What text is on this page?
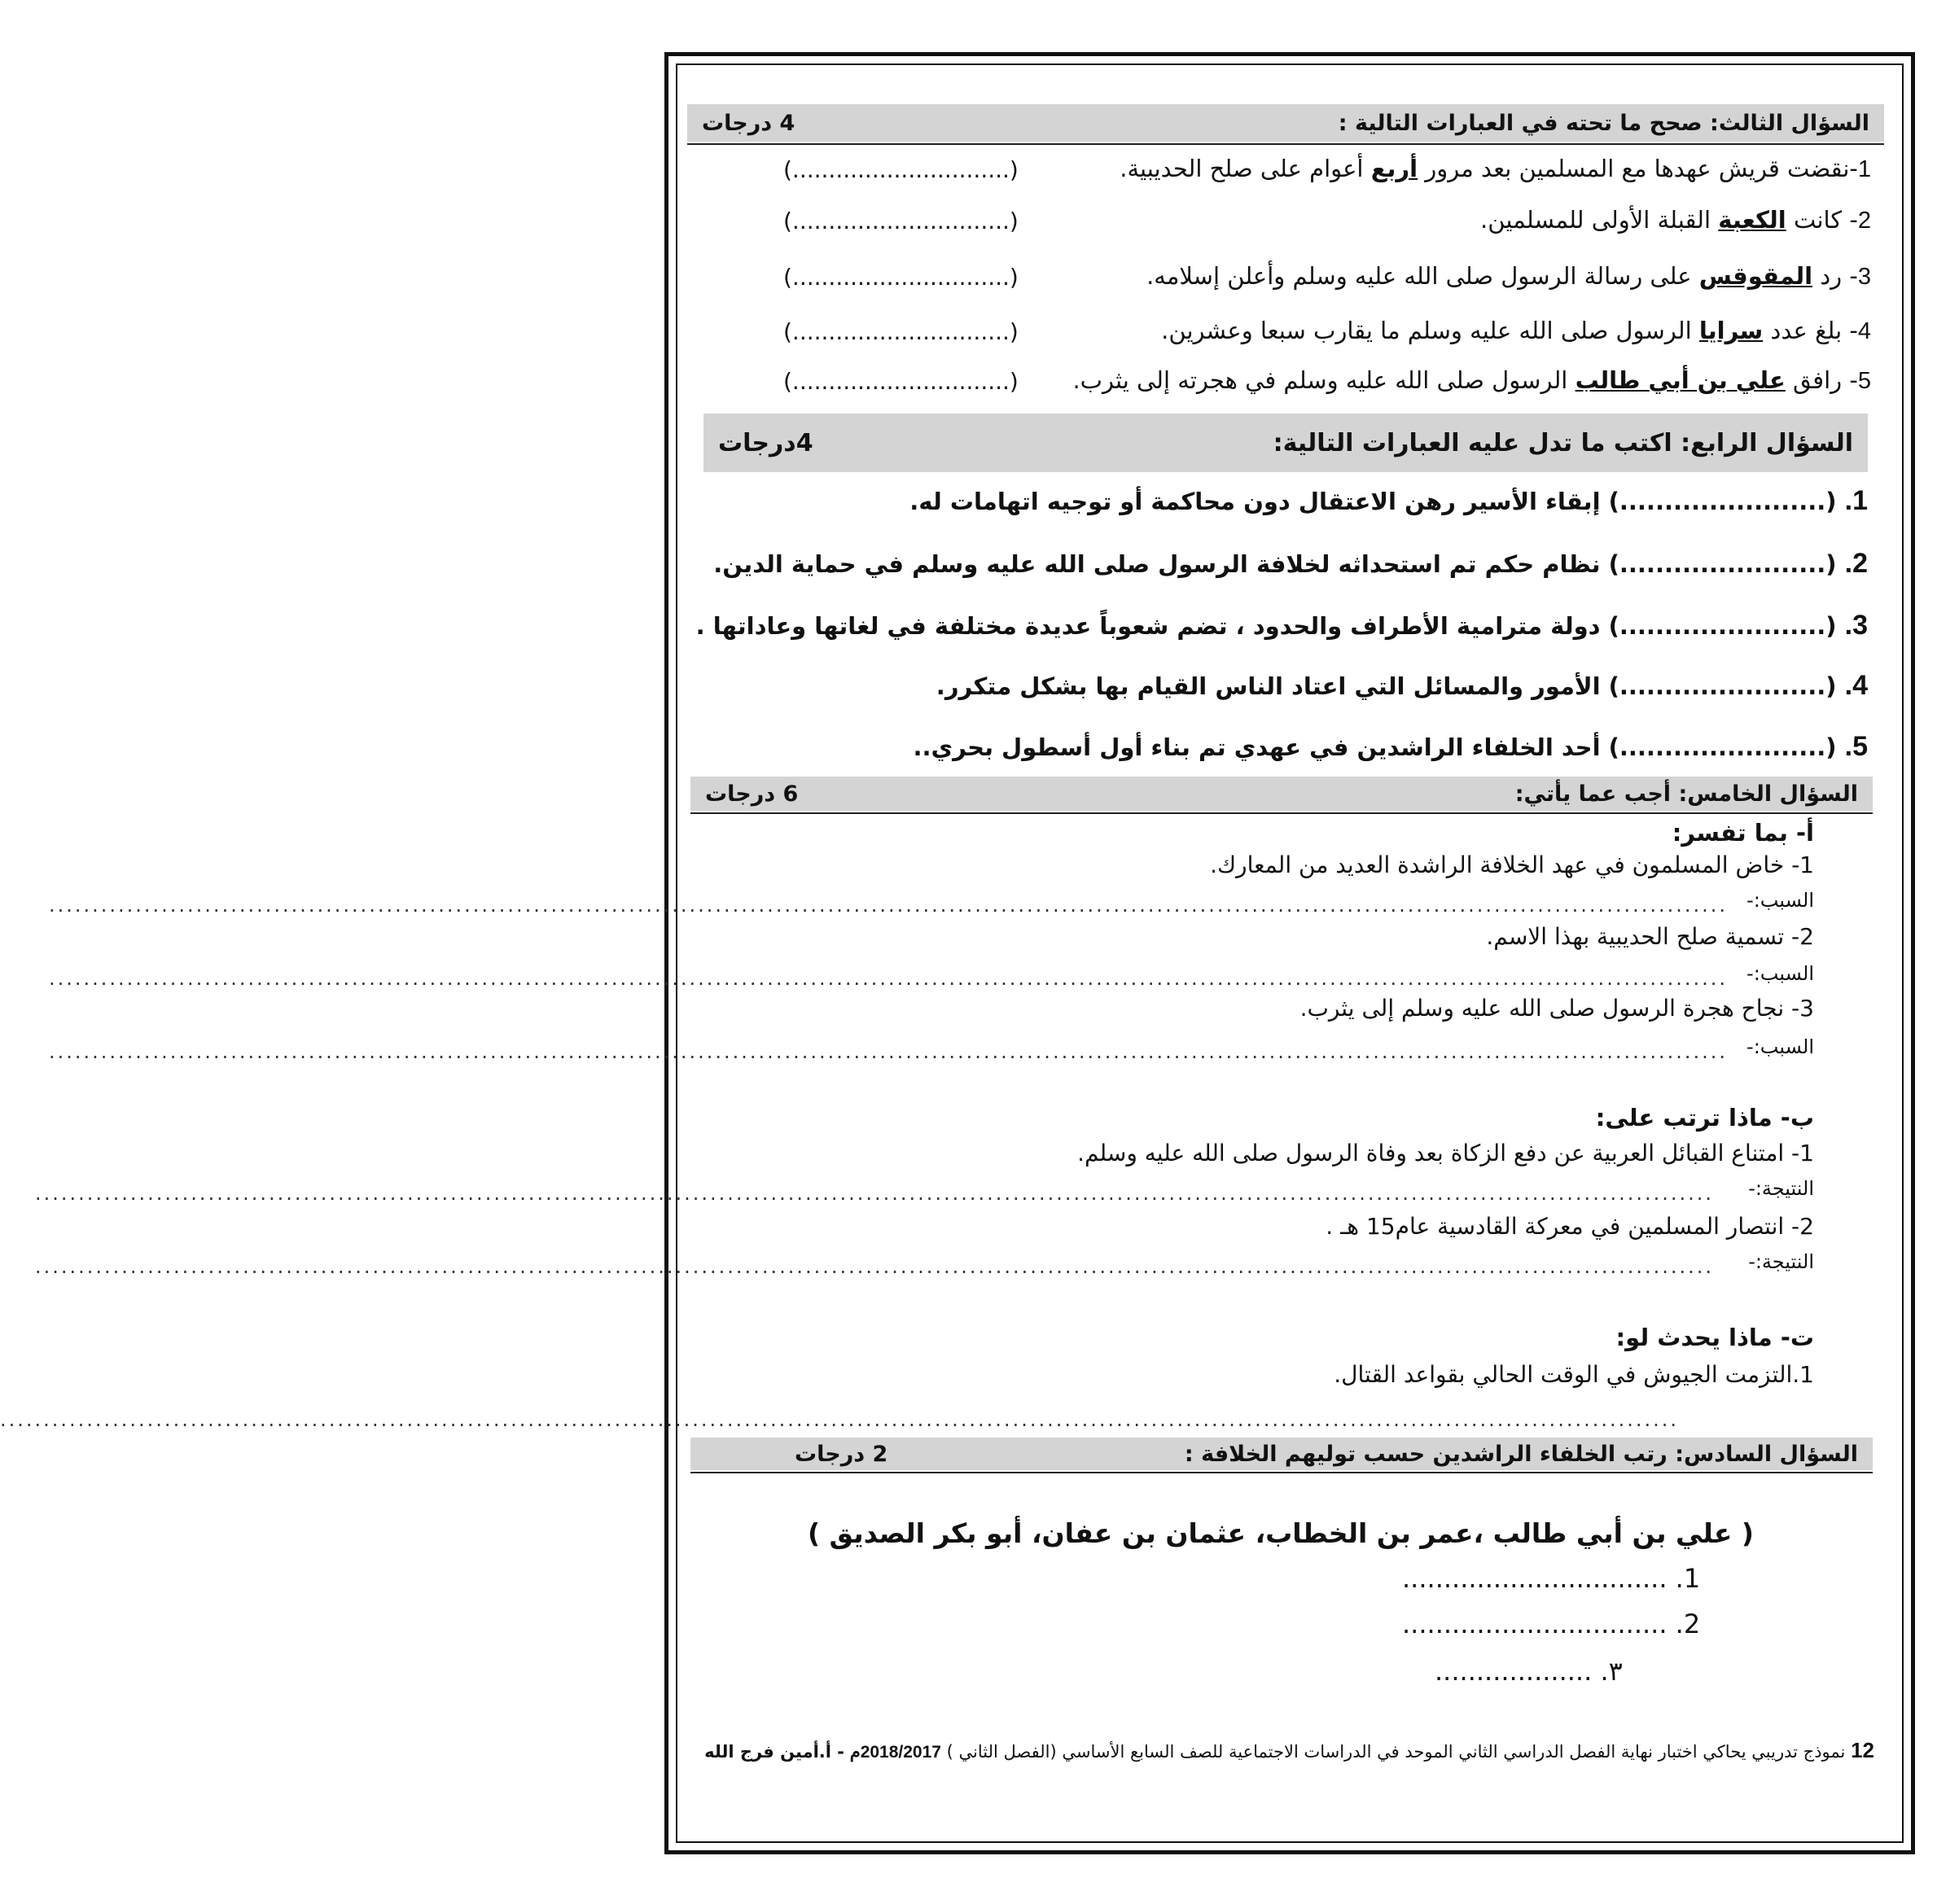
السؤال الثالث: صحح ما تحته في العبارات التالية :
4 درجات
1-نقضت قريش عهدها مع المسلمين بعد مرور أربع أعوام على صلح الحديبية.
(..............................)
2- كانت الكعبة القبلة الأولى للمسلمين.
(..............................)
3- رد المقوقس على رسالة الرسول صلى الله عليه وسلم وأعلن إسلامه.
(..............................)
4- بلغ عدد سرايا الرسول صلى الله عليه وسلم ما يقارب سبعا وعشرين.
(..............................)
5- رافق علي بن أبي طالب الرسول صلى الله عليه وسلم في هجرته إلى يثرب.
(..............................)
السؤال الرابع: اكتب ما تدل عليه العبارات التالية:
4درجات
1. (.......................) إبقاء الأسير رهن الاعتقال دون محاكمة أو توجيه اتهامات له.
2. (.......................) نظام حكم تم استحداثه لخلافة الرسول صلى الله عليه وسلم في حماية الدين.
3. (.......................) دولة مترامية الأطراف والحدود ، تضم شعوباً عديدة مختلفة في لغاتها وعاداتها .
4. (.......................) الأمور والمسائل التي اعتاد الناس القيام بها بشكل متكرر.
5. (.......................) أحد الخلفاء الراشدين في عهدي تم بناء أول أسطول بحري..
السؤال الخامس: أجب عما يأتي:
6 درجات
أ- بما تفسر:
1- خاض المسلمون في عهد الخلافة الراشدة العديد من المعارك.
السبب:-
..................................................................................................................................................................................................
2- تسمية صلح الحديبية بهذا الاسم.
السبب:-
..................................................................................................................................................................................................
3- نجاح هجرة الرسول صلى الله عليه وسلم إلى يثرب.
السبب:-
..................................................................................................................................................................................................
ب- ماذا ترتب على:
1- امتناع القبائل العربية عن دفع الزكاة بعد وفاة الرسول صلى الله عليه وسلم.
النتيجة:-
..................................................................................................................................................................................................
2- انتصار المسلمين في معركة القادسية عام15 هـ .
النتيجة:-
..................................................................................................................................................................................................
ت- ماذا يحدث لو:
1.التزمت الجيوش في الوقت الحالي بقواعد القتال.
..................................................................................................................................................................................................
السؤال السادس: رتب الخلفاء الراشدين حسب توليهم الخلافة :
2 درجات
( علي بن أبي طالب ،عمر بن الخطاب، عثمان بن عفان، أبو بكر الصديق )
1. ................................
2. ................................
٣. ...................
12 نموذج تدريبي يحاكي اختبار نهاية الفصل الدراسي الثاني الموحد في الدراسات الاجتماعية للصف السابع الأساسي (الفصل الثاني ) 2018/2017م - أ.أمين فرج الله
